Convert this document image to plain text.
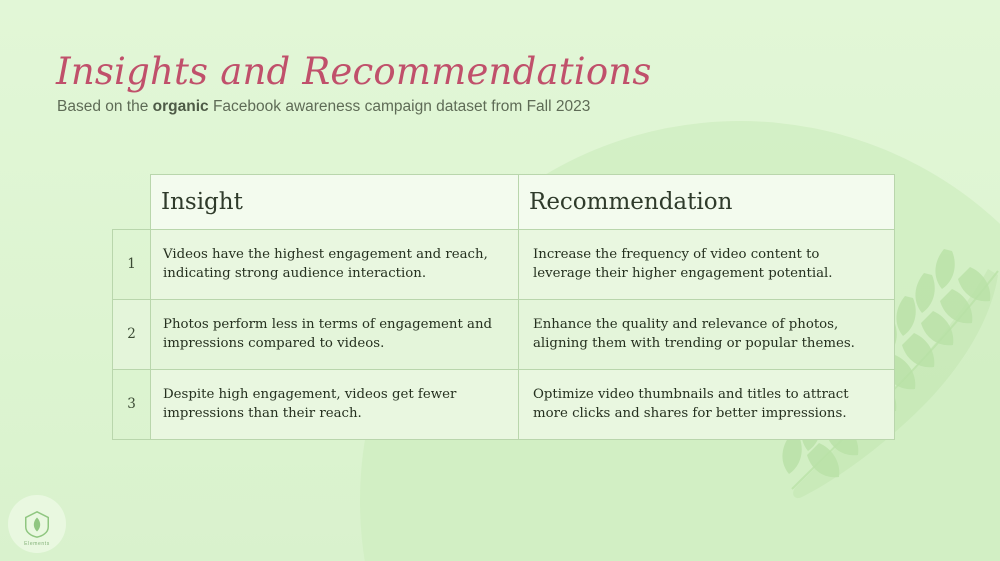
Insights and Recommendations
Based on the organic Facebook awareness campaign dataset from Fall 2023
	Insight	Recommendation
1	Videos have the highest engagement and reach, indicating strong audience interaction.	Increase the frequency of video content to leverage their higher engagement potential.
2	Photos perform less in terms of engagement and impressions compared to videos.	Enhance the quality and relevance of photos, aligning them with trending or popular themes.
3	Despite high engagement, videos get fewer impressions than their reach.	Optimize video thumbnails and titles to attract more clicks and shares for better impressions.
Elements
